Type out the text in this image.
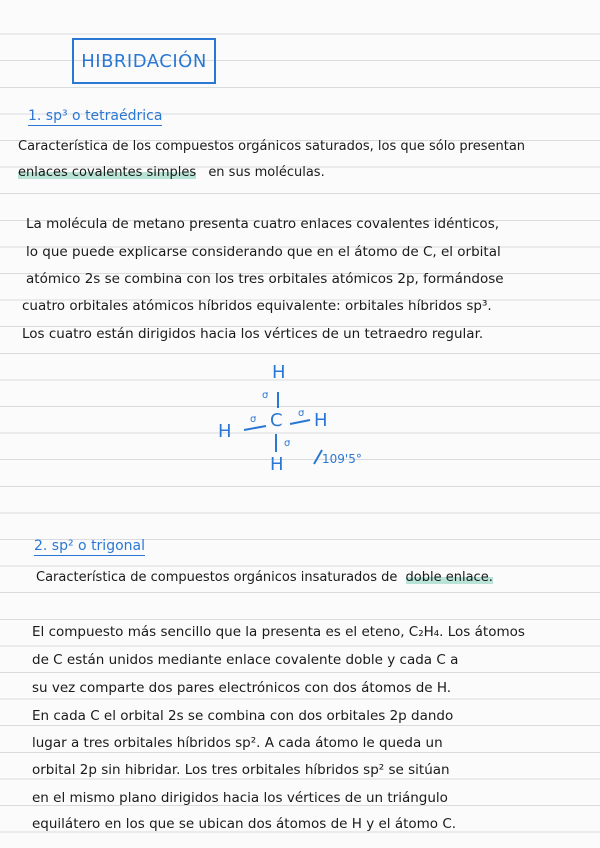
HIBRIDACIÓN
1. sp³ o tetraédrica
Característica de los compuestos orgánicos saturados, los que sólo presentan
enlaces covalentes simples en sus moléculas.
La molécula de metano presenta cuatro enlaces covalentes idénticos,
lo que puede explicarse considerando que en el átomo de C, el orbital
atómico 2s se combina con los tres orbitales atómicos 2p, formándose
cuatro orbitales atómicos híbridos equivalente: orbitales híbridos sp³.
Los cuatro están dirigidos hacia los vértices de un tetraedro regular.
H
H
C H
H
σ
σ
σ
σ
109'5°
2. sp² o trigonal
Característica de compuestos orgánicos insaturados de doble enlace.
El compuesto más sencillo que la presenta es el eteno, C₂H₄. Los átomos
de C están unidos mediante enlace covalente doble y cada C a
su vez comparte dos pares electrónicos con dos átomos de H.
En cada C el orbital 2s se combina con dos orbitales 2p dando
lugar a tres orbitales híbridos sp². A cada átomo le queda un
orbital 2p sin hibridar. Los tres orbitales híbridos sp² se sitúan
en el mismo plano dirigidos hacia los vértices de un triángulo
equilátero en los que se ubican dos átomos de H y el átomo C.
